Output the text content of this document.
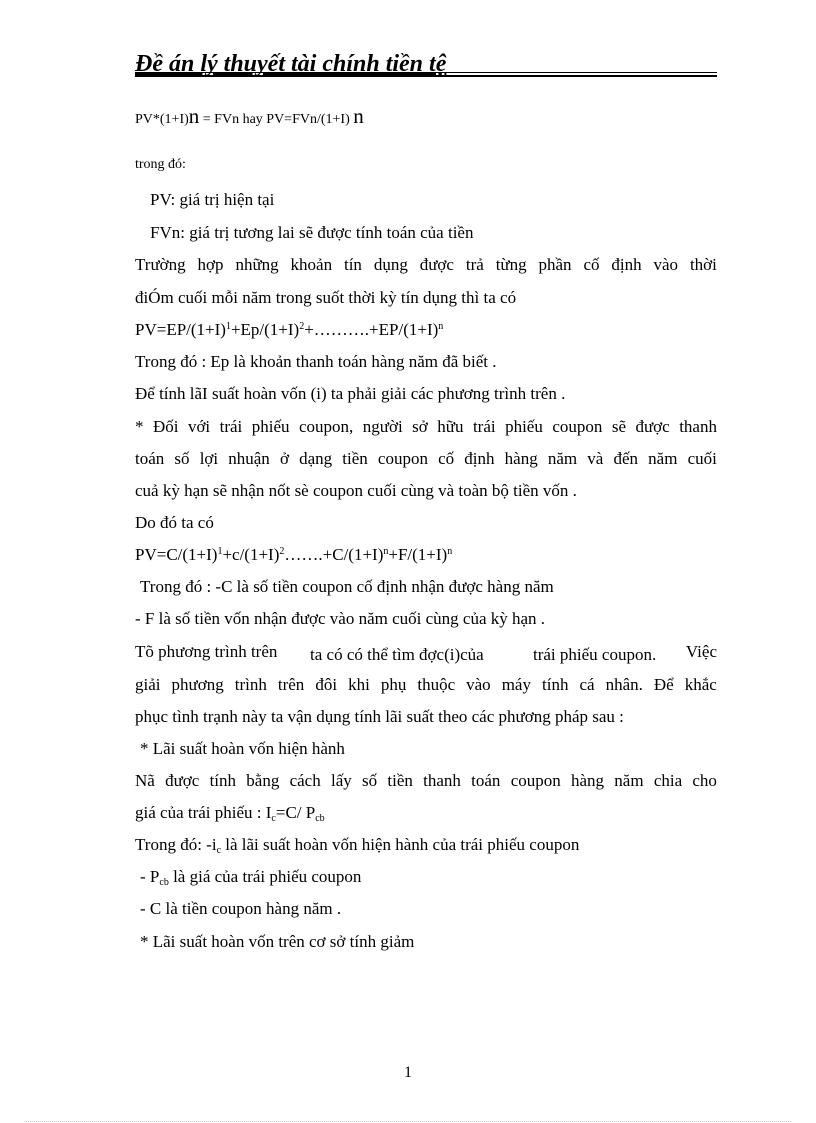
Đề án lý thuyết tài chính tiền tệ
PV*(1+I)n = FVn hay PV=FVn/(1+I) n
trong đó:
PV: giá trị hiện tại
FVn: giá trị tương lai sẽ được tính toán của tiền
Trường hợp những khoản tín dụng được trả từng phần cố định vào thời
điÓm cuối mỗi năm trong suốt thời kỳ tín dụng thì ta có
$PV=EP/(1+I)^1+Ep/(1+I)^2+\dots\dots\dots.+EP/(1+I)^n$
Trong đó : Ep là khoản thanh toán hàng năm đã biết .
Để tính lãI suất hoàn vốn (i) ta phải giải các phương trình trên .
* Đối với trái phiếu coupon, người sở hữu trái phiếu coupon sẽ được thanh
toán số lợi nhuận ở dạng tiền coupon cố định hàng năm và đến năm cuối
cuả kỳ hạn sẽ nhận nốt sè coupon cuối cùng và toàn bộ tiền vốn .
Do đó ta có
$PV=C/(1+I)^1+c/(1+I)^2\dots\dots.+C/(1+I)^n+F/(1+I)^n$
Trong đó : -C là số tiền coupon cố định nhận được hàng năm
- F là số tiền vốn nhận được vào năm cuối cùng của kỳ hạn .
Tõ phương trình trên ta có có thể tìm đợc(i)của	trái phiếu coupon. Việc
giải phương trình trên đôi khi phụ thuộc vào máy tính cá nhân. Để khắc
phục tình trạnh này ta vận dụng tính lãi suất theo các phương pháp sau :
* Lãi suất hoàn vốn hiện hành
Nã được tính bằng cách lấy số tiền thanh toán coupon hàng năm chia cho
giá của trái phiếu : $I_c=C/$ $P_{cb}$
Trong đó: $-i_c$ là lãi suất hoàn vốn hiện hành của trái phiếu coupon
- $P_{cb}$ là giá của trái phiếu coupon
- C là tiền coupon hàng năm .
* Lãi suất hoàn vốn trên cơ sở tính giảm
1
